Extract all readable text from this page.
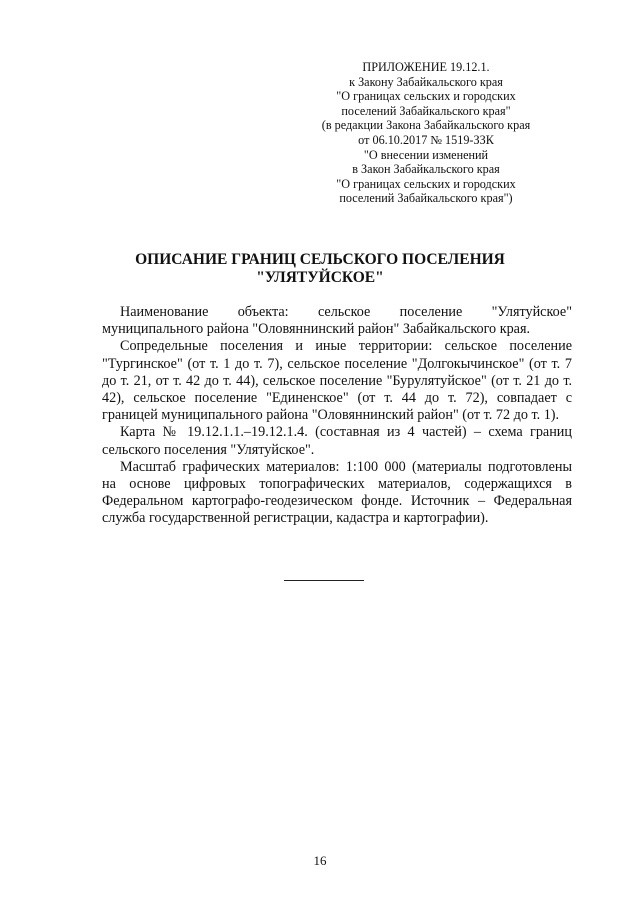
ПРИЛОЖЕНИЕ 19.12.1.
к Закону Забайкальского края
"О границах сельских и городских
поселений Забайкальского края"
(в редакции Закона Забайкальского края
от 06.10.2017 № 1519-ЗЗК
"О внесении изменений
в Закон Забайкальского края
"О границах сельских и городских
поселений Забайкальского края")
ОПИСАНИЕ ГРАНИЦ СЕЛЬСКОГО ПОСЕЛЕНИЯ
"УЛЯТУЙСКОЕ"

Наименование объекта: сельское поселение "Улятуйское" муниципального района "Оловяннинский район" Забайкальского края.

Сопредельные поселения и иные территории: сельское поселение "Тургинское" (от т. 1 до т. 7), сельское поселение "Долгокычинское" (от т. 7 до т. 21, от т. 42 до т. 44), сельское поселение "Бурулятуйское" (от т. 21 до т. 42), сельское поселение "Единенское" (от т. 44 до т. 72), совпадает с границей муниципального района "Оловяннинский район" (от т. 72 до т. 1).

Карта № 19.12.1.1.–19.12.1.4. (составная из 4 частей) – схема границ сельского поселения "Улятуйское".

Масштаб графических материалов: 1:100 000 (материалы подготовлены на основе цифровых топографических материалов, содержащихся в Федеральном картографо-геодезическом фонде. Источник – Федеральная служба государственной регистрации, кадастра и картографии).

16
